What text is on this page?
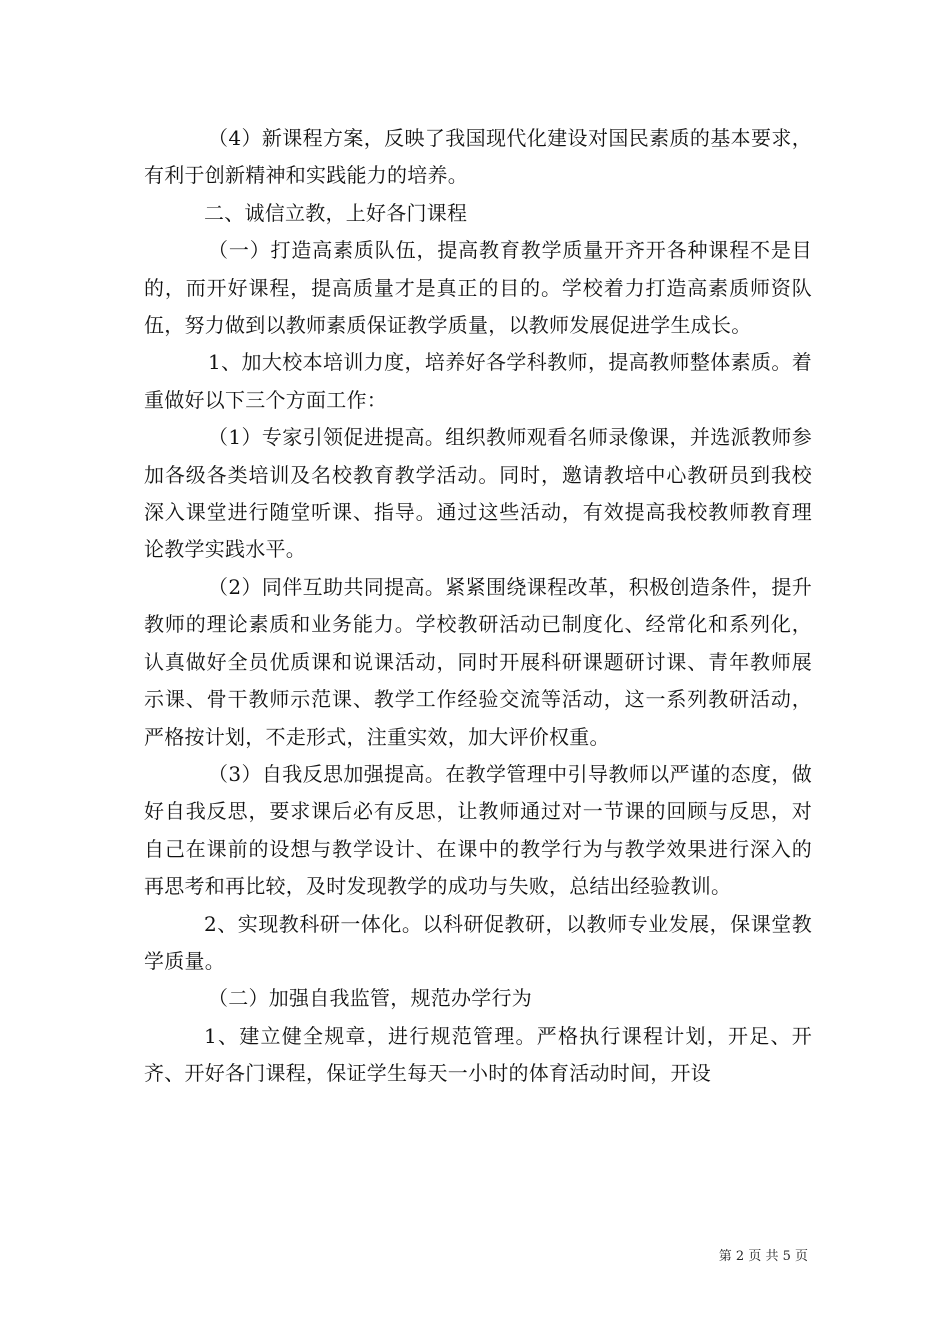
（4）新课程方案，反映了我国现代化建设对国民素质的基本要求，有利于创新精神和实践能力的培养。

二、诚信立教，上好各门课程

（一）打造高素质队伍，提高教育教学质量开齐开各种课程不是目的，而开好课程，提高质量才是真正的目的。学校着力打造高素质师资队伍，努力做到以教师素质保证教学质量，以教师发展促进学生成长。

1、加大校本培训力度，培养好各学科教师，提高教师整体素质。着重做好以下三个方面工作：

（1）专家引领促进提高。组织教师观看名师录像课，并选派教师参加各级各类培训及名校教育教学活动。同时，邀请教培中心教研员到我校深入课堂进行随堂听课、指导。通过这些活动，有效提高我校教师教育理论教学实践水平。

（2）同伴互助共同提高。紧紧围绕课程改革，积极创造条件，提升教师的理论素质和业务能力。学校教研活动已制度化、经常化和系列化，认真做好全员优质课和说课活动，同时开展科研课题研讨课、青年教师展示课、骨干教师示范课、教学工作经验交流等活动，这一系列教研活动，严格按计划，不走形式，注重实效，加大评价权重。

（3）自我反思加强提高。在教学管理中引导教师以严谨的态度，做好自我反思，要求课后必有反思，让教师通过对一节课的回顾与反思，对自己在课前的设想与教学设计、在课中的教学行为与教学效果进行深入的再思考和再比较，及时发现教学的成功与失败，总结出经验教训。

2、实现教科研一体化。以科研促教研，以教师专业发展，保课堂教学质量。

（二）加强自我监管，规范办学行为

1、建立健全规章，进行规范管理。严格执行课程计划，开足、开齐、开好各门课程，保证学生每天一小时的体育活动时间，开设

第 2 页 共 5 页
